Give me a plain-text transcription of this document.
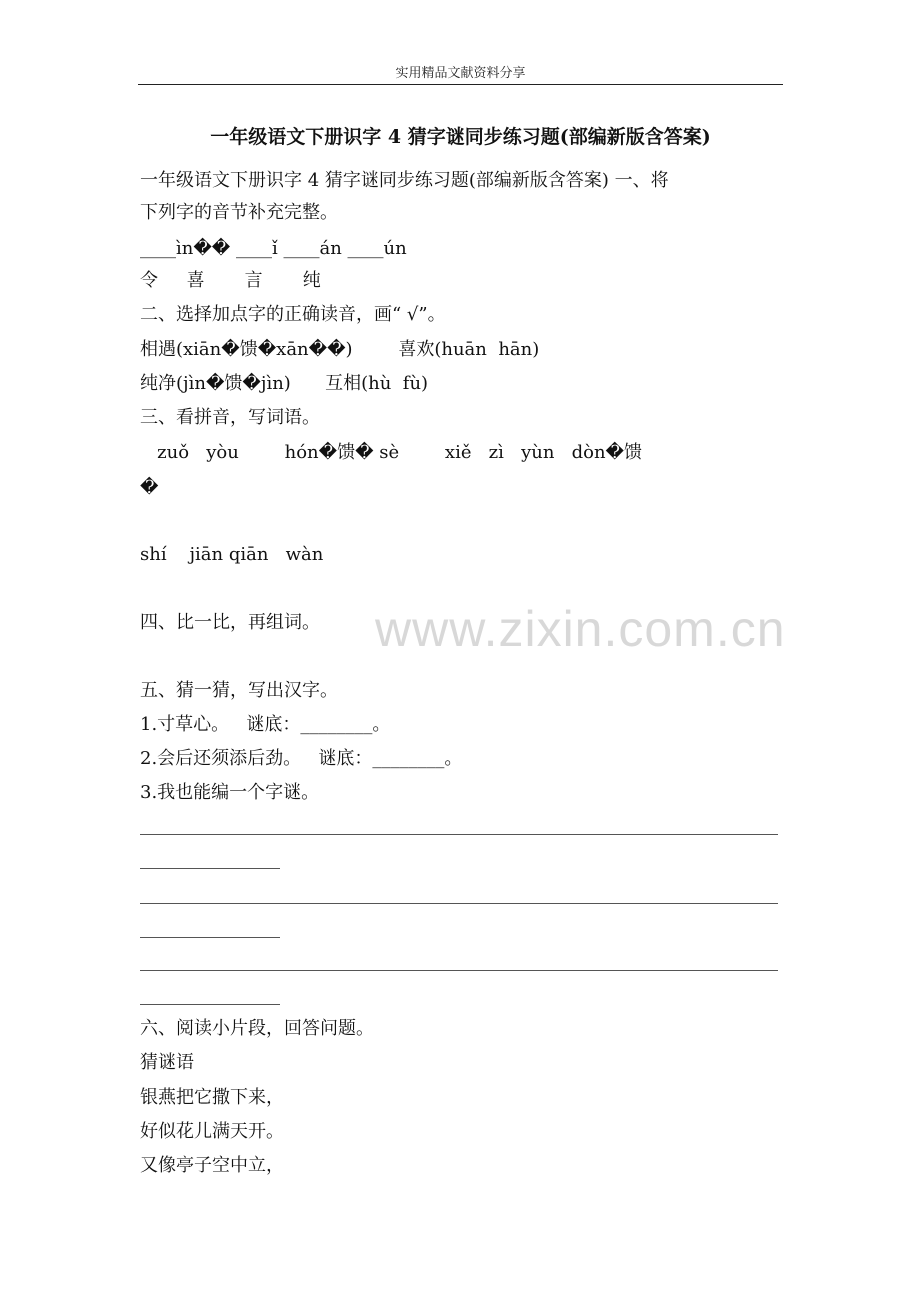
实用精品文献资料分享
一年级语文下册识字 4 猜字谜同步练习题(部编新版含答案)
一年级语文下册识字 4 猜字谜同步练习题(部编新版含答案) 一、将
下列字的音节补充完整。
____ìn�� ____ǐ ____án ____ún
令     喜       言       纯
二、选择加点字的正确读音，画“ √”。
相遇(xiān�馈�xān��)        喜欢(huān  hān)
纯净(jìn�馈�jìn)      互相(hù  fù)
三、看拼音，写词语。
zuǒ   yòu        hón�馈� sè        xiě   zì   yùn   dòn�馈
�
shí    jiān qiān   wàn
www.zixin.com.cn
四、比一比，再组词。
五、猜一猜，写出汉字。
1.寸草心。   谜底：________。
2.会后还须添后劲。   谜底：________。
3.我也能编一个字谜。
六、阅读小片段，回答问题。
猜谜语
银燕把它撒下来，
好似花儿满天开。
又像亭子空中立，
